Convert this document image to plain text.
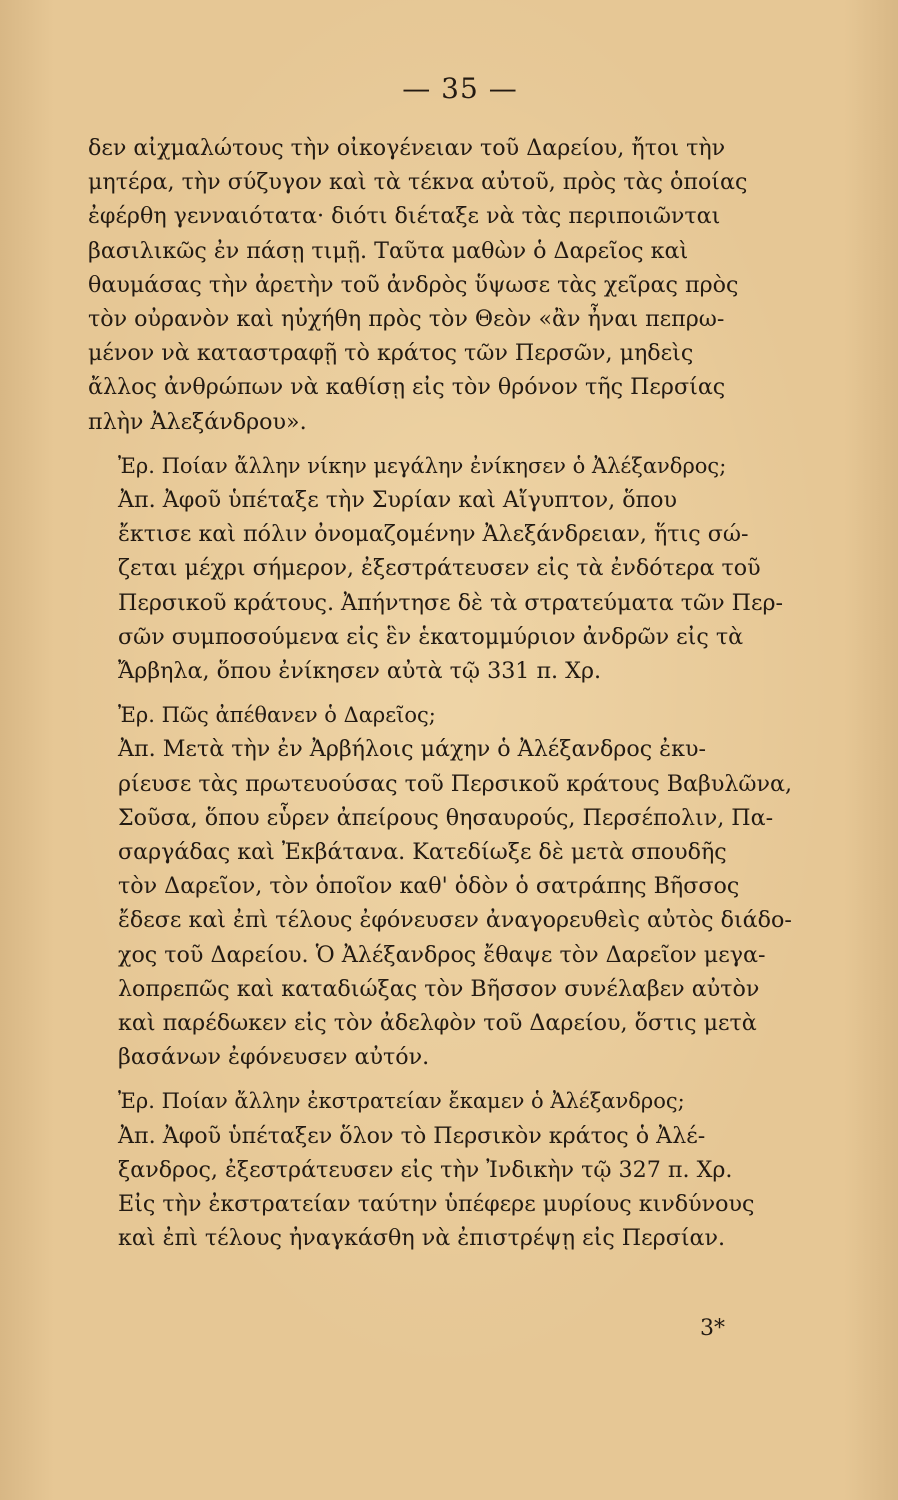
— 35 —

δεν αἰχμαλώτους τὴν οἰκογένειαν τοῦ Δαρείου, ἤτοι τὴν
μητέρα, τὴν σύζυγον καὶ τὰ τέκνα αὐτοῦ, πρὸς τὰς ὁποίας
ἐφέρθη γενναιότατα· διότι διέταξε νὰ τὰς περιποιῶνται
βασιλικῶς ἐν πάσῃ τιμῇ. Ταῦτα μαθὼν ὁ Δαρεῖος καὶ
θαυμάσας τὴν ἀρετὴν τοῦ ἀνδρὸς ὕψωσε τὰς χεῖρας πρὸς
τὸν οὐρανὸν καὶ ηὐχήθη πρὸς τὸν Θεὸν «ἂν ἦναι πεπρω-
μένον νὰ καταστραφῇ τὸ κράτος τῶν Περσῶν, μηδεὶς
ἄλλος ἀνθρώπων νὰ καθίσῃ εἰς τὸν θρόνον τῆς Περσίας
πλὴν Ἀλεξάνδρου».

Ἐρ. Ποίαν ἄλλην νίκην μεγάλην ἐνίκησεν ὁ Ἀλέξανδρος;

Ἀπ. Ἀφοῦ ὑπέταξε τὴν Συρίαν καὶ Αἴγυπτον, ὅπου
ἔκτισε καὶ πόλιν ὀνομαζομένην Ἀλεξάνδρειαν, ἥτις σώ-
ζεται μέχρι σήμερον, ἐξεστράτευσεν εἰς τὰ ἐνδότερα τοῦ
Περσικοῦ κράτους. Ἀπήντησε δὲ τὰ στρατεύματα τῶν Περ-
σῶν συμποσούμενα εἰς ἓν ἑκατομμύριον ἀνδρῶν εἰς τὰ
Ἄρβηλα, ὅπου ἐνίκησεν αὐτὰ τῷ 331 π. Χρ.

Ἐρ. Πῶς ἀπέθανεν ὁ Δαρεῖος;

Ἀπ. Μετὰ τὴν ἐν Ἀρβήλοις μάχην ὁ Ἀλέξανδρος ἐκυ-
ρίευσε τὰς πρωτευούσας τοῦ Περσικοῦ κράτους Βαβυλῶνα,
Σοῦσα, ὅπου εὗρεν ἀπείρους θησαυρούς, Περσέπολιν, Πα-
σαργάδας καὶ Ἐκβάτανα. Κατεδίωξε δὲ μετὰ σπουδῆς
τὸν Δαρεῖον, τὸν ὁποῖον καθ' ὁδὸν ὁ σατράπης Βῆσσος
ἔδεσε καὶ ἐπὶ τέλους ἐφόνευσεν ἀναγορευθεὶς αὐτὸς διάδο-
χος τοῦ Δαρείου. Ὁ Ἀλέξανδρος ἔθαψε τὸν Δαρεῖον μεγα-
λοπρεπῶς καὶ καταδιώξας τὸν Βῆσσον συνέλαβεν αὐτὸν
καὶ παρέδωκεν εἰς τὸν ἀδελφὸν τοῦ Δαρείου, ὅστις μετὰ
βασάνων ἐφόνευσεν αὐτόν.

Ἐρ. Ποίαν ἄλλην ἐκστρατείαν ἔκαμεν ὁ Ἀλέξανδρος;

Ἀπ. Ἀφοῦ ὑπέταξεν ὅλον τὸ Περσικὸν κράτος ὁ Ἀλέ-
ξανδρος, ἐξεστράτευσεν εἰς τὴν Ἰνδικὴν τῷ 327 π. Χρ.
Εἰς τὴν ἐκστρατείαν ταύτην ὑπέφερε μυρίους κινδύνους
καὶ ἐπὶ τέλους ἠναγκάσθη νὰ ἐπιστρέψῃ εἰς Περσίαν.

3*
